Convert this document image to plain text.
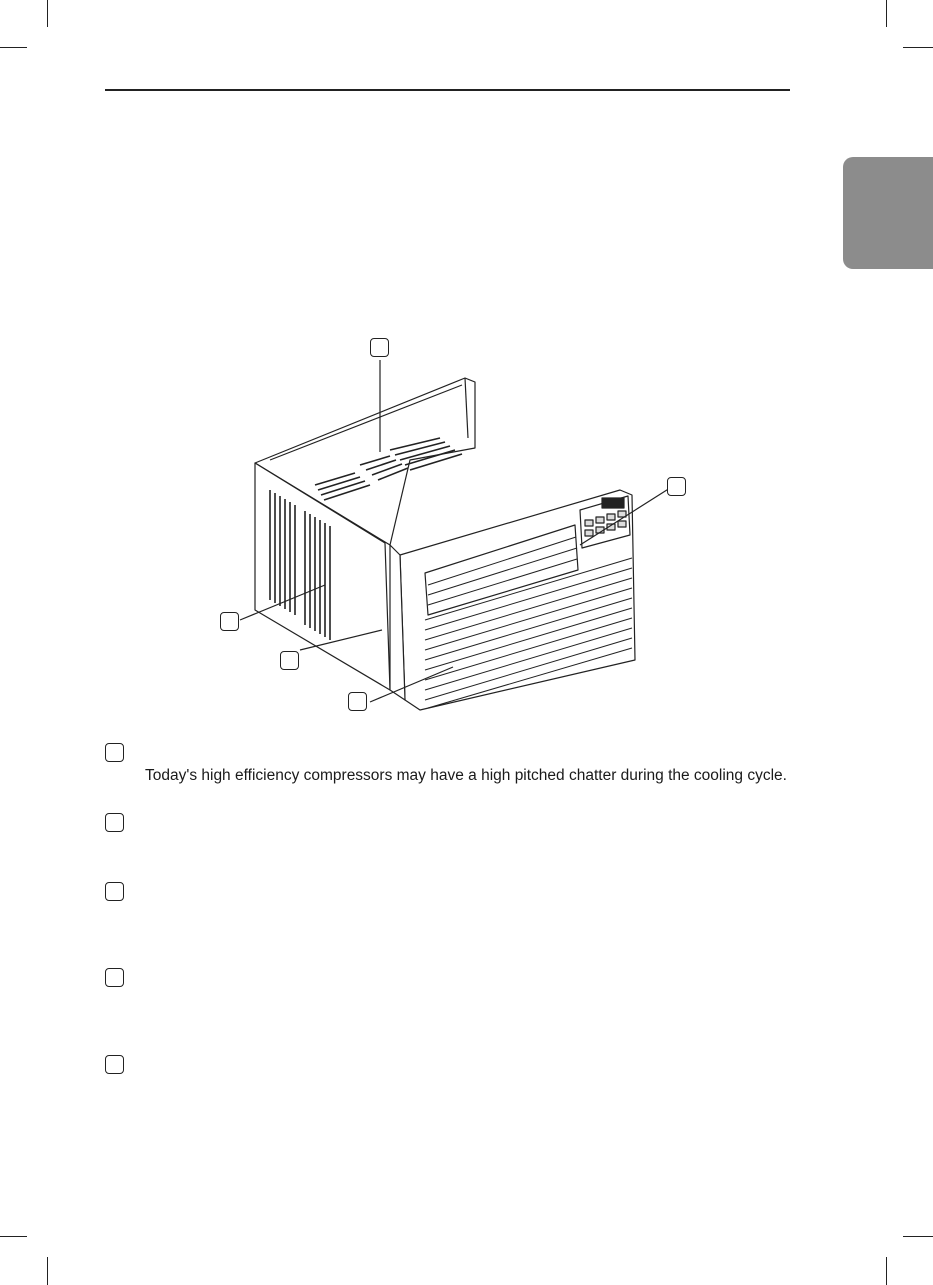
Today's high efficiency compressors may have a high pitched chatter during the cooling cycle.
